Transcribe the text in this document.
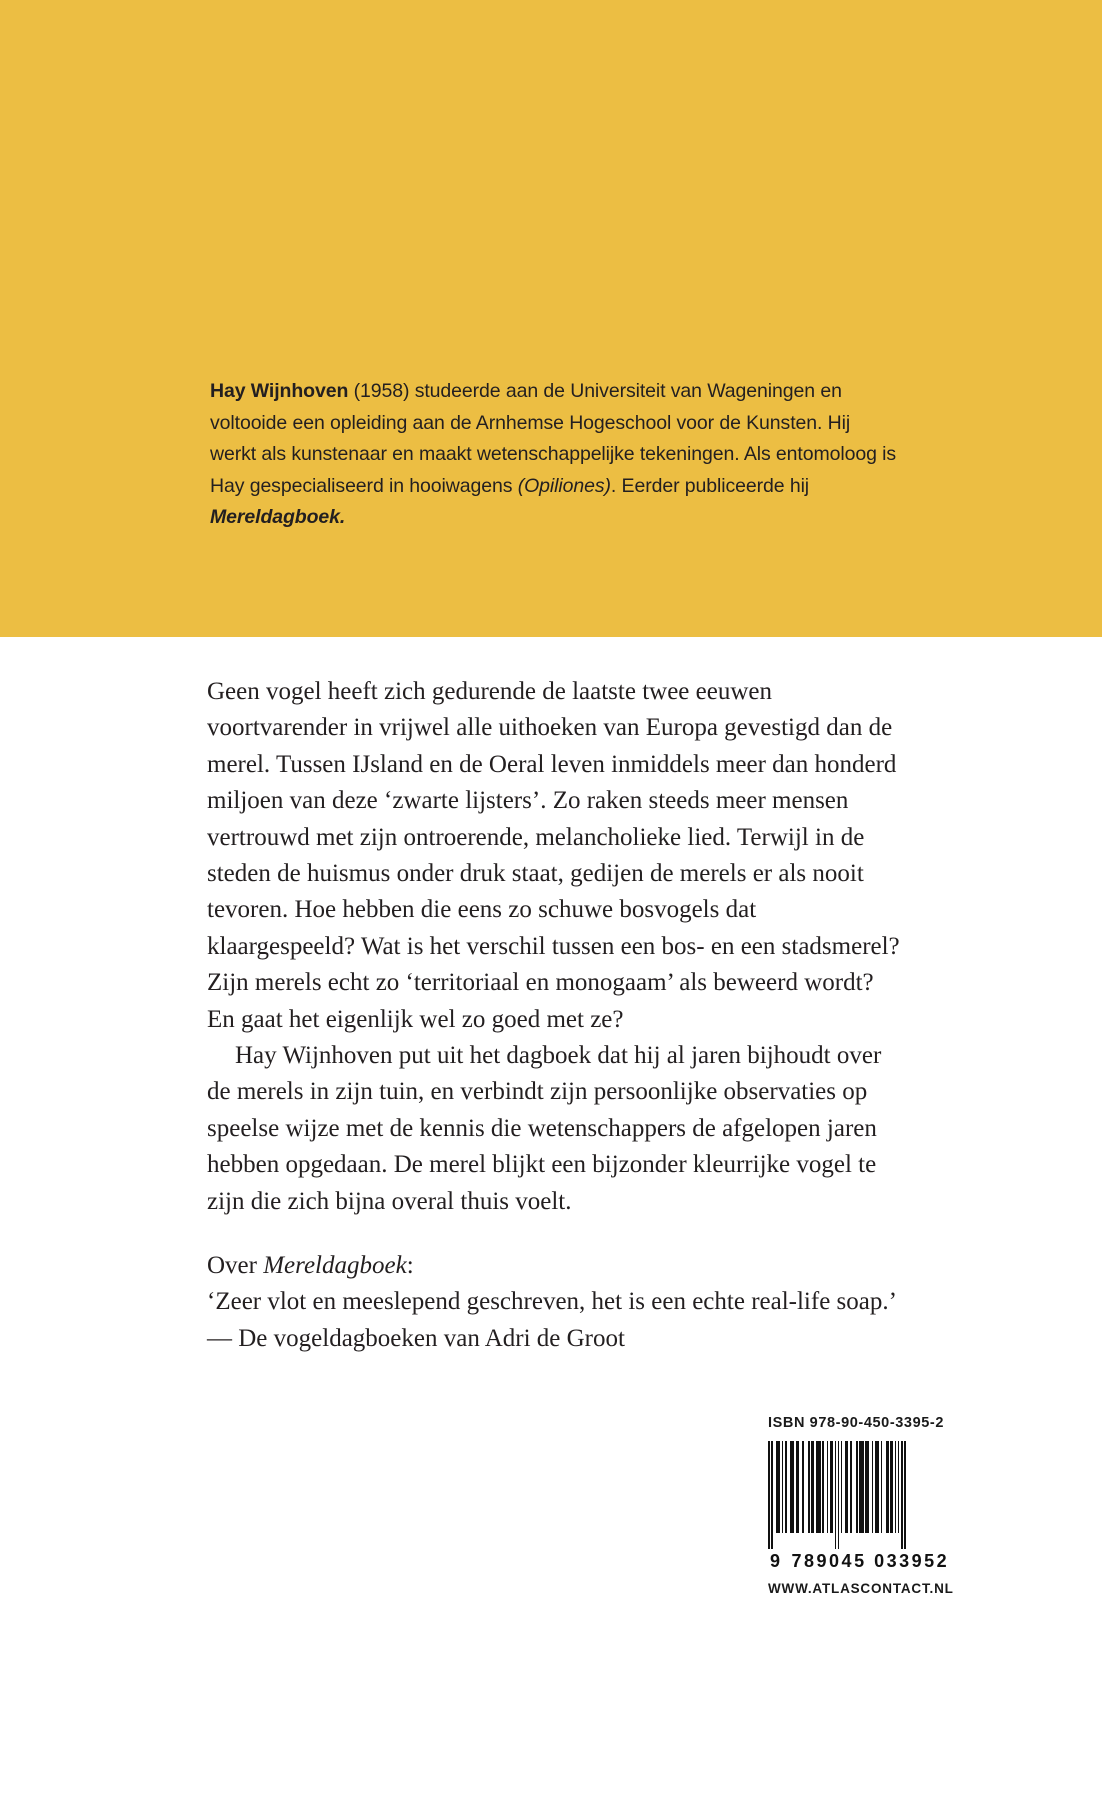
Hay Wijnhoven (1958) studeerde aan de Universiteit van Wageningen en voltooide een opleiding aan de Arnhemse Hogeschool voor de Kunsten. Hij werkt als kunstenaar en maakt wetenschappelijke tekeningen. Als entomoloog is Hay gespecialiseerd in hooiwagens (Opiliones). Eerder publiceerde hij Mereldagboek.

Geen vogel heeft zich gedurende de laatste twee eeuwen voortvarender in vrijwel alle uithoeken van Europa gevestigd dan de merel. Tussen IJsland en de Oeral leven inmiddels meer dan honderd miljoen van deze ‘zwarte lijsters’. Zo raken steeds meer mensen vertrouwd met zijn ontroerende, melancholieke lied. Terwijl in de steden de huismus onder druk staat, gedijen de merels er als nooit tevoren. Hoe hebben die eens zo schuwe bosvogels dat klaargespeeld? Wat is het verschil tussen een bos- en een stadsmerel? Zijn merels echt zo ‘territoriaal en monogaam’ als beweerd wordt? En gaat het eigenlijk wel zo goed met ze?

Hay Wijnhoven put uit het dagboek dat hij al jaren bijhoudt over de merels in zijn tuin, en verbindt zijn persoonlijke observaties op speelse wijze met de kennis die wetenschappers de afgelopen jaren hebben opgedaan. De merel blijkt een bijzonder kleurrijke vogel te zijn die zich bijna overal thuis voelt.

Over Mereldagboek:
‘Zeer vlot en meeslepend geschreven, het is een echte real-life soap.’
— De vogeldagboeken van Adri de Groot
ISBN 978-90-450-3395-2
9 789045 033952
WWW.ATLASCONTACT.NL
